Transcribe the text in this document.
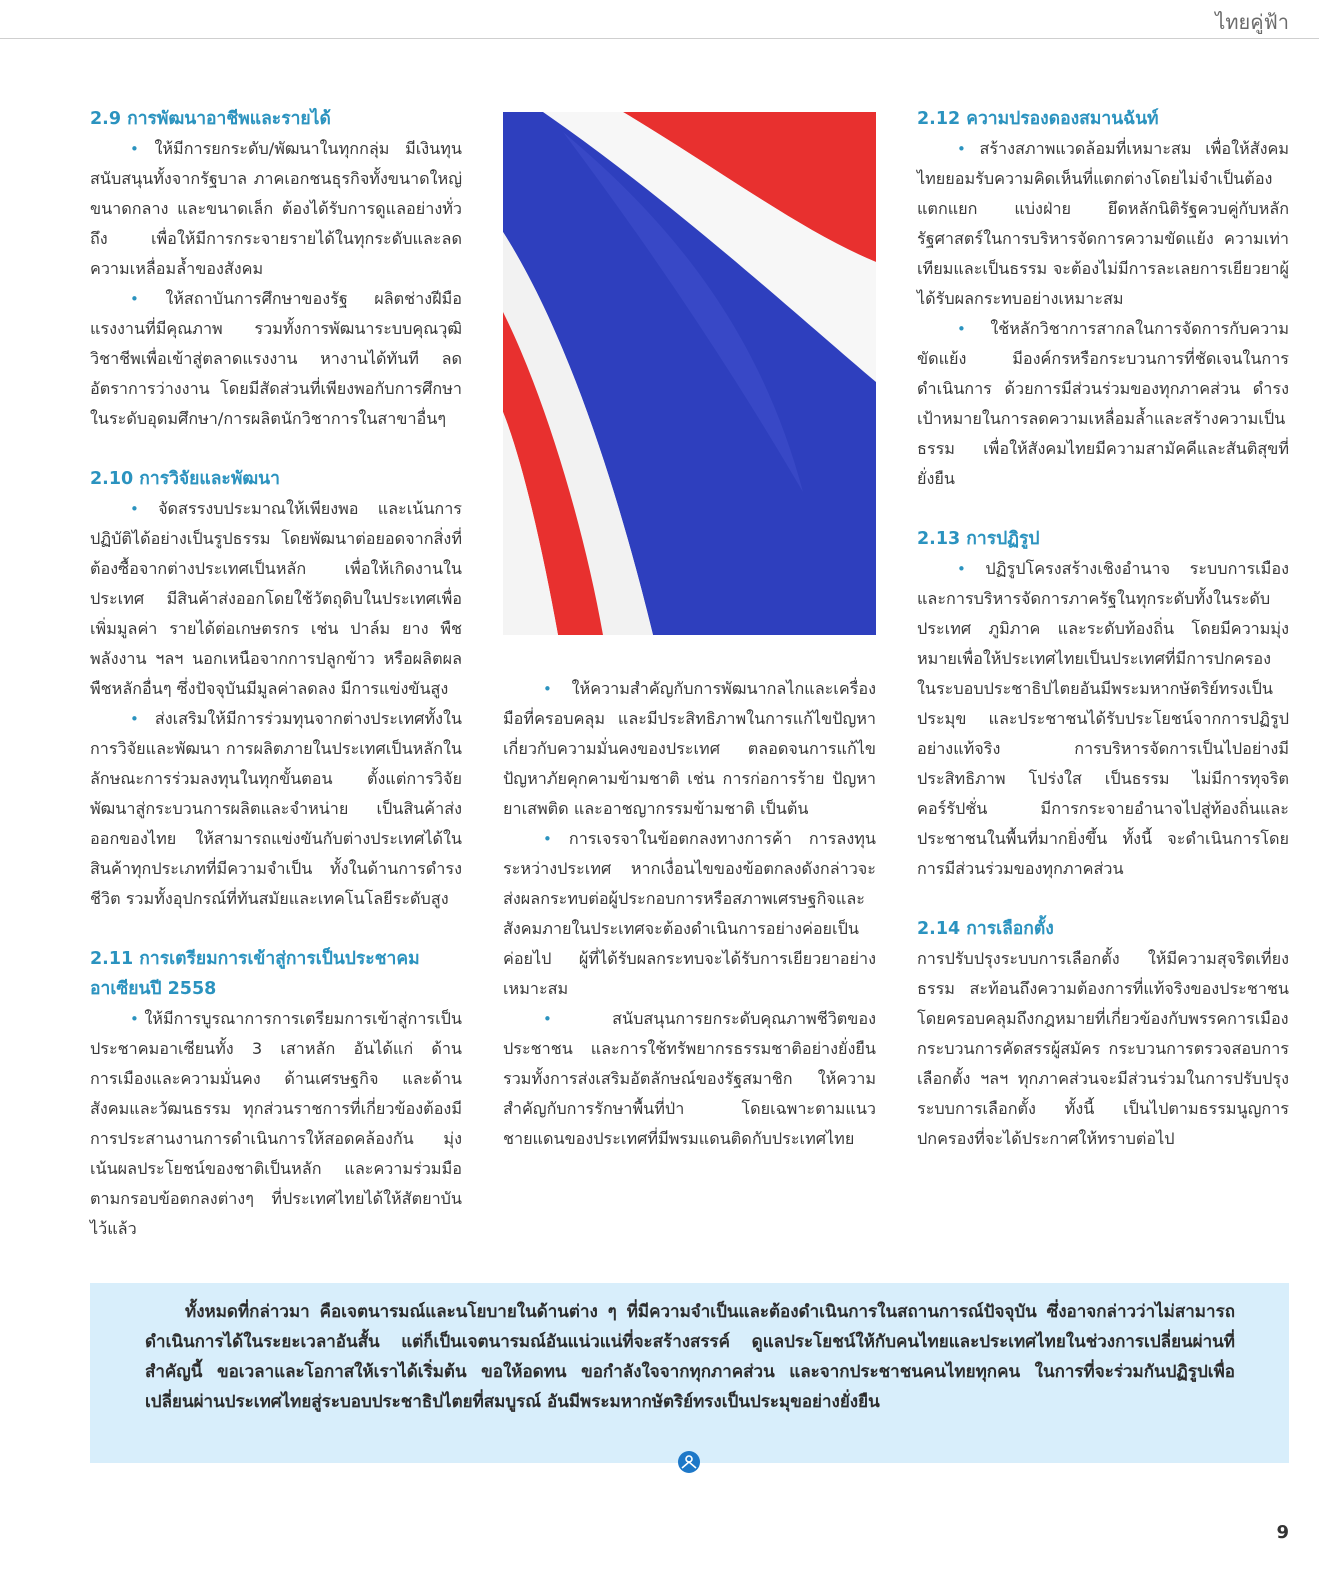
ไทยคู่ฟ้า
2.9 การพัฒนาอาชีพและรายได้

• ให้มีการยกระดับ/พัฒนาในทุกกลุ่ม มีเงินทุนสนับสนุนทั้งจากรัฐบาล ภาคเอกชนธุรกิจทั้งขนาดใหญ่ ขนาดกลาง และขนาดเล็ก ต้องได้รับการดูแลอย่างทั่วถึง เพื่อให้มีการกระจายรายได้ในทุกระดับและลดความเหลื่อมล้ำของสังคม

• ให้สถาบันการศึกษาของรัฐ ผลิตช่างฝีมือแรงงานที่มีคุณภาพ รวมทั้งการพัฒนาระบบคุณวุฒิวิชาชีพเพื่อเข้าสู่ตลาดแรงงาน หางานได้ทันที ลดอัตราการว่างงาน โดยมีสัดส่วนที่เพียงพอกับการศึกษาในระดับอุดมศึกษา/การผลิตนักวิชาการในสาขาอื่นๆ

2.10 การวิจัยและพัฒนา

• จัดสรรงบประมาณให้เพียงพอ และเน้นการปฏิบัติได้อย่างเป็นรูปธรรม โดยพัฒนาต่อยอดจากสิ่งที่ต้องซื้อจากต่างประเทศเป็นหลัก เพื่อให้เกิดงานในประเทศ มีสินค้าส่งออกโดยใช้วัตถุดิบในประเทศเพื่อเพิ่มมูลค่า รายได้ต่อเกษตรกร เช่น ปาล์ม ยาง พืชพลังงาน ฯลฯ นอกเหนือจากการปลูกข้าว หรือผลิตผลพืชหลักอื่นๆ ซึ่งปัจจุบันมีมูลค่าลดลง มีการแข่งขันสูง

• ส่งเสริมให้มีการร่วมทุนจากต่างประเทศทั้งในการวิจัยและพัฒนา การผลิตภายในประเทศเป็นหลักในลักษณะการร่วมลงทุนในทุกขั้นตอน ตั้งแต่การวิจัยพัฒนาสู่กระบวนการผลิตและจำหน่าย เป็นสินค้าส่งออกของไทย ให้สามารถแข่งขันกับต่างประเทศได้ในสินค้าทุกประเภทที่มีความจำเป็น ทั้งในด้านการดำรงชีวิต รวมทั้งอุปกรณ์ที่ทันสมัยและเทคโนโลยีระดับสูง

2.11 การเตรียมการเข้าสู่การเป็นประชาคมอาเซียนปี 2558

• ให้มีการบูรณาการการเตรียมการเข้าสู่การเป็นประชาคมอาเซียนทั้ง 3 เสาหลัก อันได้แก่ ด้านการเมืองและความมั่นคง ด้านเศรษฐกิจ และด้านสังคมและวัฒนธรรม ทุกส่วนราชการที่เกี่ยวข้องต้องมีการประสานงานการดำเนินการให้สอดคล้องกัน มุ่งเน้นผลประโยชน์ของชาติเป็นหลัก และความร่วมมือตามกรอบข้อตกลงต่างๆ ที่ประเทศไทยได้ให้สัตยาบันไว้แล้ว

• ให้ความสำคัญกับการพัฒนากลไกและเครื่องมือที่ครอบคลุม และมีประสิทธิภาพในการแก้ไขปัญหาเกี่ยวกับความมั่นคงของประเทศ ตลอดจนการแก้ไขปัญหาภัยคุกคามข้ามชาติ เช่น การก่อการร้าย ปัญหายาเสพติด และอาชญากรรมข้ามชาติ เป็นต้น

• การเจรจาในข้อตกลงทางการค้า การลงทุนระหว่างประเทศ หากเงื่อนไขของข้อตกลงดังกล่าวจะส่งผลกระทบต่อผู้ประกอบการหรือสภาพเศรษฐกิจและสังคมภายในประเทศจะต้องดำเนินการอย่างค่อยเป็นค่อยไป ผู้ที่ได้รับผลกระทบจะได้รับการเยียวยาอย่างเหมาะสม

•	สนับสนุนการยกระดับคุณภาพชีวิตของประชาชน และการใช้ทรัพยากรธรรมชาติอย่างยั่งยืน รวมทั้งการส่งเสริมอัตลักษณ์ของรัฐสมาชิก ให้ความสำคัญกับการรักษาพื้นที่ป่า โดยเฉพาะตามแนวชายแดนของประเทศที่มีพรมแดนติดกับประเทศไทย

2.12 ความปรองดองสมานฉันท์

• สร้างสภาพแวดล้อมที่เหมาะสม เพื่อให้สังคมไทยยอมรับความคิดเห็นที่แตกต่างโดยไม่จำเป็นต้องแตกแยก แบ่งฝ่าย ยึดหลักนิติรัฐควบคู่กับหลักรัฐศาสตร์ในการบริหารจัดการความขัดแย้ง ความเท่าเทียมและเป็นธรรม จะต้องไม่มีการละเลยการเยียวยาผู้ได้รับผลกระทบอย่างเหมาะสม

• ใช้หลักวิชาการสากลในการจัดการกับความขัดแย้ง มีองค์กรหรือกระบวนการที่ชัดเจนในการดำเนินการ ด้วยการมีส่วนร่วมของทุกภาคส่วน ดำรงเป้าหมายในการลดความเหลื่อมล้ำและสร้างความเป็นธรรม เพื่อให้สังคมไทยมีความสามัคคีและสันติสุขที่ยั่งยืน

2.13 การปฏิรูป

• ปฏิรูปโครงสร้างเชิงอำนาจ ระบบการเมืองและการบริหารจัดการภาครัฐในทุกระดับทั้งในระดับประเทศ ภูมิภาค และระดับท้องถิ่น โดยมีความมุ่งหมายเพื่อให้ประเทศไทยเป็นประเทศที่มีการปกครองในระบอบประชาธิปไตยอันมีพระมหากษัตริย์ทรงเป็นประมุข และประชาชนได้รับประโยชน์จากการปฏิรูปอย่างแท้จริง การบริหารจัดการเป็นไปอย่างมีประสิทธิภาพ โปร่งใส เป็นธรรม ไม่มีการทุจริต คอร์รัปชั่น มีการกระจายอำนาจไปสู่ท้องถิ่นและประชาชนในพื้นที่มากยิ่งขึ้น ทั้งนี้ จะดำเนินการโดยการมีส่วนร่วมของทุกภาคส่วน

2.14 การเลือกตั้ง

การปรับปรุงระบบการเลือกตั้ง ให้มีความสุจริตเที่ยงธรรม สะท้อนถึงความต้องการที่แท้จริงของประชาชน โดยครอบคลุมถึงกฎหมายที่เกี่ยวข้องกับพรรคการเมือง กระบวนการคัดสรรผู้สมัคร กระบวนการตรวจสอบการเลือกตั้ง ฯลฯ ทุกภาคส่วนจะมีส่วนร่วมในการปรับปรุงระบบการเลือกตั้ง ทั้งนี้ เป็นไปตามธรรมนูญการปกครองที่จะได้ประกาศให้ทราบต่อไป

ทั้งหมดที่กล่าวมา คือเจตนารมณ์และนโยบายในด้านต่าง ๆ ที่มีความจำเป็นและต้องดำเนินการในสถานการณ์ปัจจุบัน ซึ่งอาจกล่าวว่าไม่สามารถดำเนินการได้ในระยะเวลาอันสั้น แต่ก็เป็นเจตนารมณ์อันแน่วแน่ที่จะสร้างสรรค์ ดูแลประโยชน์ให้กับคนไทยและประเทศไทยในช่วงการเปลี่ยนผ่านที่สำคัญนี้ ขอเวลาและโอกาสให้เราได้เริ่มต้น ขอให้อดทน ขอกำลังใจจากทุกภาคส่วน และจากประชาชนคนไทยทุกคน ในการที่จะร่วมกันปฏิรูปเพื่อเปลี่ยนผ่านประเทศไทยสู่ระบอบประชาธิปไตยที่สมบูรณ์ อันมีพระมหากษัตริย์ทรงเป็นประมุขอย่างยั่งยืน

9
